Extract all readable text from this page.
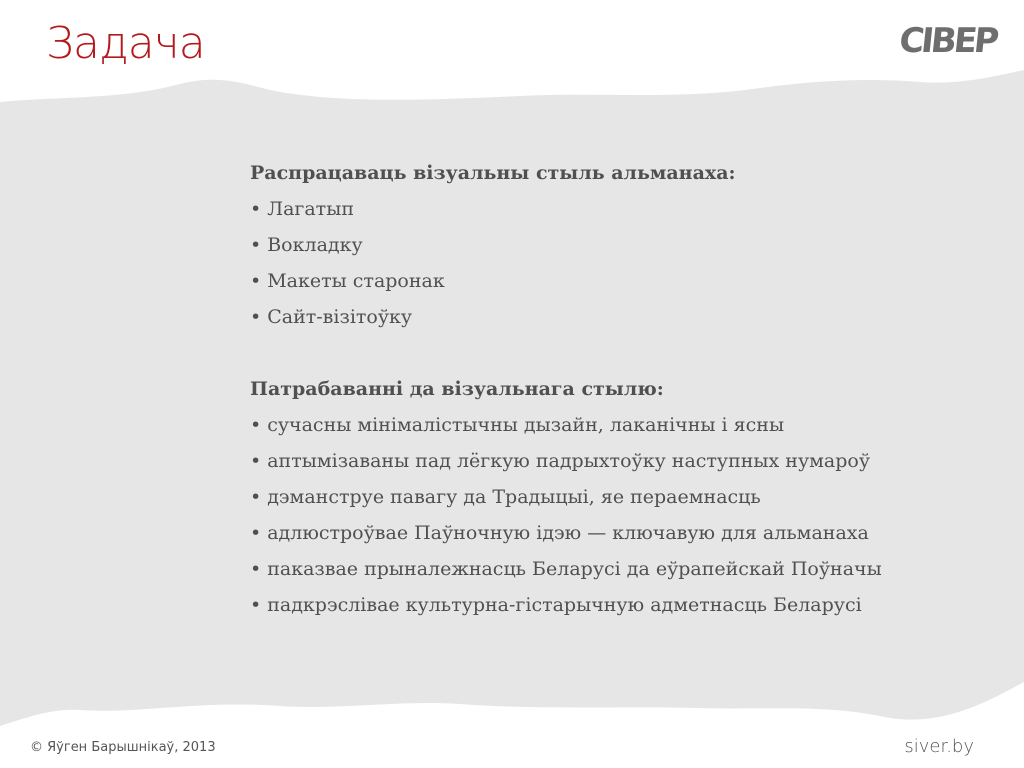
Задача	CIВEP
Распрацаваць візуальны стыль альманаха:
• Лагатып
• Вокладку
• Макеты старонак
• Сайт-візітоўку
Патрабаванні да візуальнага стылю:
• сучасны мінімалістычны дызайн, лаканічны і ясны
• аптымізаваны пад лёгкую падрыхтоўку наступных нумароў
• дэманструе павагу да Традыцыі, яе пераемнасць
• адлюстроўвае Паўночную ідэю — ключавую для альманаха
• паказвае прыналежнасць Беларусі да еўрапейскай Поўначы
• падкрэслівае культурна-гістарычную адметнасць Беларусі
© Яўген Барышнікаў, 2013	siver.by
